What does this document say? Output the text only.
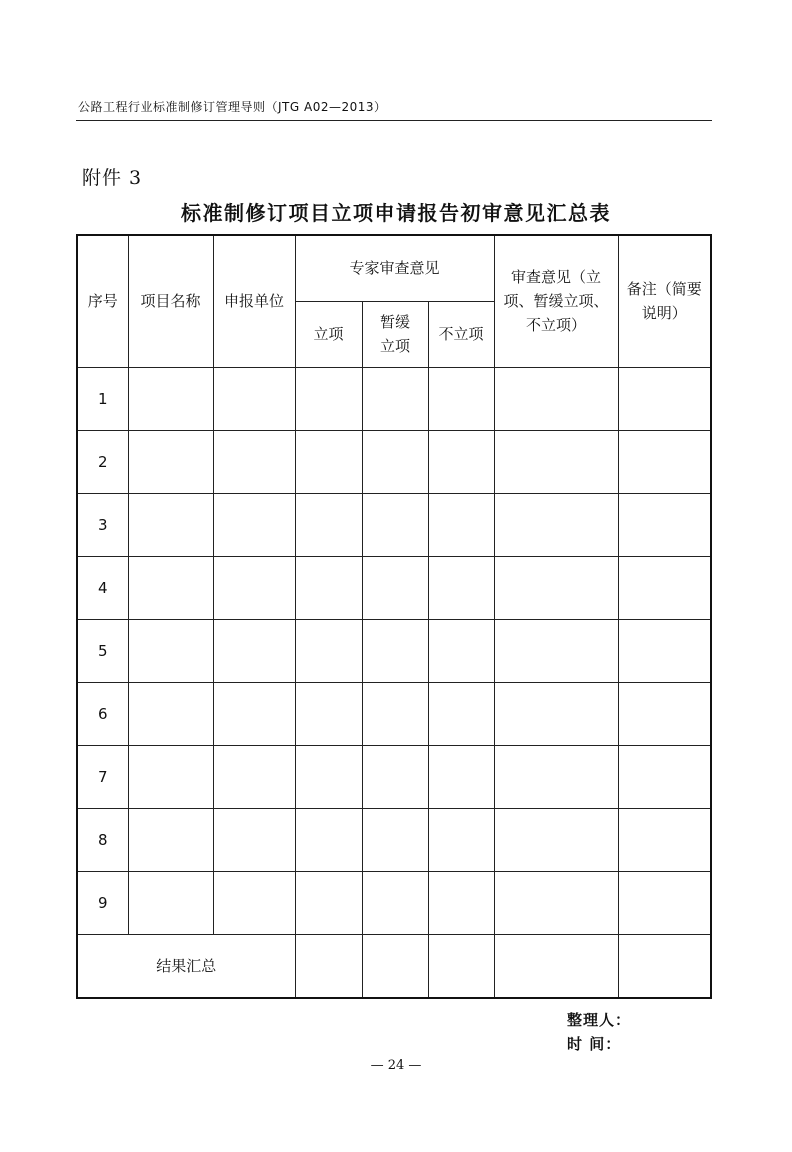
公路工程行业标准制修订管理导则（JTG A02—2013）
附件 3
标准制修订项目立项申请报告初审意见汇总表
序号	项目名称	申报单位	专家审查意见			审查意见（立项、暂缓立项、不立项）	备注（简要说明）
			立项	暂缓立项	不立项		
1							
2							
3							
4							
5							
6							
7							
8							
9							
结果汇总							
整理人：
时 间：
— 24 —
